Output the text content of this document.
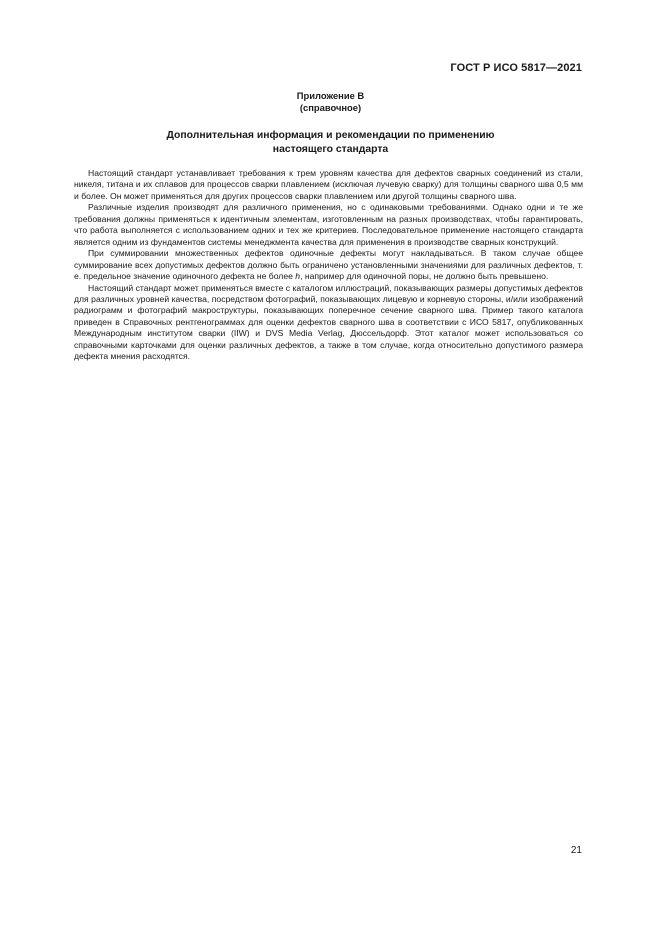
ГОСТ Р ИСО 5817—2021
Приложение В
(справочное)
Дополнительная информация и рекомендации по применению
настоящего стандарта

Настоящий стандарт устанавливает требования к трем уровням качества для дефектов сварных соединений из стали, никеля, титана и их сплавов для процессов сварки плавлением (исключая лучевую сварку) для толщины сварного шва 0,5 мм и более. Он может применяться для других процессов сварки плавлением или другой толщины сварного шва.

Различные изделия производят для различного применения, но с одинаковыми требованиями. Однако одни и те же требования должны применяться к идентичным элементам, изготовленным на разных производствах, чтобы гарантировать, что работа выполняется с использованием одних и тех же критериев. Последовательное применение настоящего стандарта является одним из фундаментов системы менеджмента качества для применения в производстве сварных конструкций.

При суммировании множественных дефектов одиночные дефекты могут накладываться. В таком случае общее суммирование всех допустимых дефектов должно быть ограничено установленными значениями для различных дефектов, т. е. предельное значение одиночного дефекта не более h, например для одиночной поры, не должно быть превышено.

Настоящий стандарт может применяться вместе с каталогом иллюстраций, показывающих размеры допустимых дефектов для различных уровней качества, посредством фотографий, показывающих лицевую и корневую стороны, и/или изображений радиограмм и фотографий макроструктуры, показывающих поперечное сечение сварного шва. Пример такого каталога приведен в Справочных рентгенограммах для оценки дефектов сварного шва в соответствии с ИСО 5817, опубликованных Международным институтом сварки (IIW) и DVS Media Verlag, Дюссельдорф. Этот каталог может использоваться со справочными карточками для оценки различных дефектов, а также в том случае, когда относительно допустимого размера дефекта мнения расходятся.

21
